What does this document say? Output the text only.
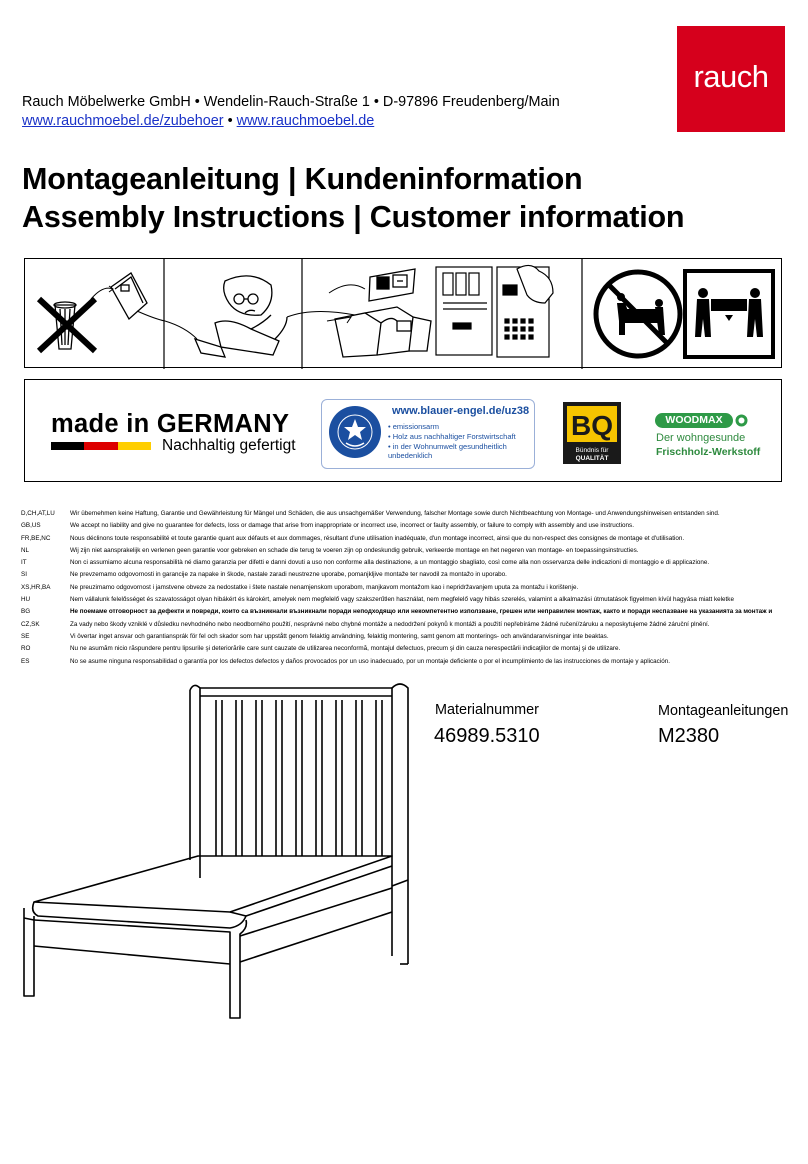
rauch
Rauch Möbelwerke GmbH • Wendelin-Rauch-Straße 1 • D-97896 Freudenberg/Main
www.rauchmoebel.de/zubehoer • www.rauchmoebel.de
Montageanleitung | Kundeninformation
Assembly Instructions | Customer information
made in GERMANY
Nachhaltig gefertigt
www.blauer-engel.de/uz38
• emissionsarm
• Holz aus nachhaltiger Forstwirtschaft
• in der Wohnumwelt gesundheitlich
unbedenklich
BQ
Bündnis für
QUALITÄT
WOODMAX
Der wohngesunde
Frischholz-Werkstoff
D,CH,AT,LU Wir übernehmen keine Haftung, Garantie und Gewährleistung für Mängel und Schäden, die aus unsachgemäßer Verwendung, falscher Montage sowie durch Nichtbeachtung von Montage- und Anwendungshinweisen entstanden sind.
GB,US	We accept no liability and give no guarantee for defects, loss or damage that arise from inappropriate or incorrect use, incorrect or faulty assembly, or failure to comply with assembly and use instructions.
FR,BE,NC	Nous déclinons toute responsabilité et toute garantie quant aux défauts et aux dommages, résultant d'une utilisation inadéquate, d'un montage incorrect, ainsi que du non-respect des consignes de montage et d'utilisation.
NL	Wij zijn niet aansprakelijk en verlenen geen garantie voor gebreken en schade die terug te voeren zijn op ondeskundig gebruik, verkeerde montage en het negeren van montage- en toepassingsinstructies.
IT	Non ci assumiamo alcuna responsabilità né diamo garanzia per difetti e danni dovuti a uso non conforme alla destinazione, a un montaggio sbagliato, così come alla non osservanza delle indicazioni di montaggio e di applicazione.
SI	Ne prevzemamo odgovornosti in garancije za napake in škode, nastale zaradi neustrezne uporabe, pomanjkljive montaže ter navodil za montažo in uporabo.
XS,HR,BA	Ne preuzimamo odgovornost i jamstvene obveze za nedostatke i štete nastale nenamjenskom uporabom, manjkavom montažom kao i nepridržavanjem uputa za montažu i korištenje.
HU	Nem vállalunk felelősséget és szavatosságot olyan hibákért és károkért, amelyek nem megfelelő vagy szakszerűtlen használat, nem megfelelő vagy hibás szerelés, valamint a alkalmazási útmutatások figyelmen kívül hagyása miatt keletke
BG	Не поемаме отговорност за дефекти и повреди, които са възникнали възникнали поради неподходящо или некомпетентно използване, грешен или неправилен монтаж, както и поради неспазване на указанията за монтаж и
CZ,SK	Za vady nebo škody vzniklé v důsledku nevhodného nebo neodborného použití, nesprávné nebo chybné montáže a nedodržení pokynů k montáži a použití nepřebíráme žádné ručení/záruku a neposkytujeme žádné záruční plnění.
SE	Vi övertar inget ansvar och garantiansprák för fel och skador som har uppstått genom felaktig användning, felaktig montering, samt genom att monterings- och användaranvisningar inte beaktas.
RO	Nu ne asumăm nicio răspundere pentru lipsurile şi deteriorările care sunt cauzate de utilizarea neconformă, montajul defectuos, precum şi din cauza nerespectării indicaţiilor de montaj şi de utilizare.
ES	No se asume ninguna responsabilidad o garantía por los defectos defectos y daños provocados por un uso inadecuado, por un montaje deficiente o por el incumplimiento de las instrucciones de montaje y aplicación.
Materialnummer
46989.5310
Montageanleitungen
M2380
